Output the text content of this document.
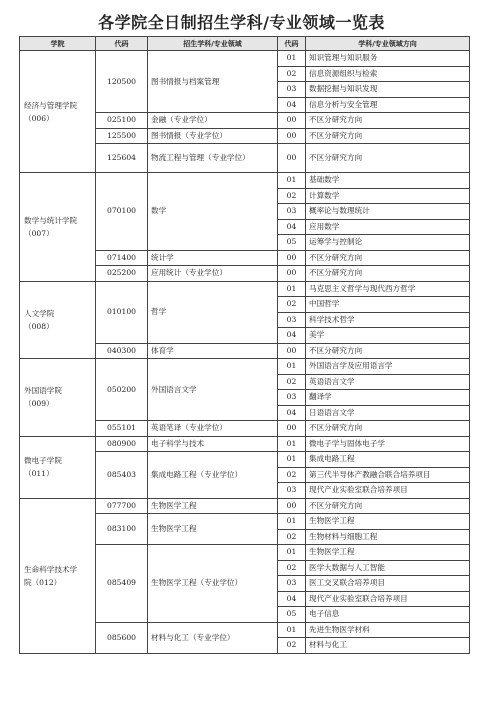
各学院全日制招生学科/专业领域一览表
学院	代码	招生学科/专业领域	代码	学科/专业领域方向

经济与管理学院
（006）	120500	图书情报与档案管理	01	知识管理与知识服务
			02	信息资源组织与检索
			03	数据挖掘与知识发现
			04	信息分析与安全管理
	025100	金融（专业学位）	00	不区分研究方向
	125500	图书情报（专业学位）	00	不区分研究方向
	125604	物流工程与管理（专业学位）	00	不区分研究方向

数学与统计学院
（007）	070100	数学	01	基础数学
			02	计算数学
			03	概率论与数理统计
			04	应用数学
			05	运筹学与控制论
	071400	统计学	00	不区分研究方向
	025200	应用统计（专业学位）	00	不区分研究方向

人文学院
（008）	010100	哲学	01	马克思主义哲学与现代西方哲学
			02	中国哲学
			03	科学技术哲学
			04	美学
	040300	体育学	00	不区分研究方向

外国语学院
（009）	050200	外国语言文学	01	外国语言学及应用语言学
			02	英语语言文学
			03	翻译学
			04	日语语言文学
	055101	英语笔译（专业学位）	00	不区分研究方向

微电子学院
（011）	080900	电子科学与技术	01	微电子学与固体电子学
	085403	集成电路工程（专业学位）	01	集成电路工程
			02	第三代半导体产教融合联合培养项目
			03	现代产业实验室联合培养项目

生命科学技术学
院（012）	077700	生物医学工程	00	不区分研究方向
	083100	生物医学工程	01	生物医学工程
			02	生物材料与细胞工程
	085409	生物医学工程（专业学位）	01	生物医学工程
			02	医学大数据与人工智能
			03	医工交叉联合培养项目
			04	现代产业实验室联合培养项目
			05	电子信息
	085600	材料与化工（专业学位）	01	先进生物医学材料
			02	材料与化工
